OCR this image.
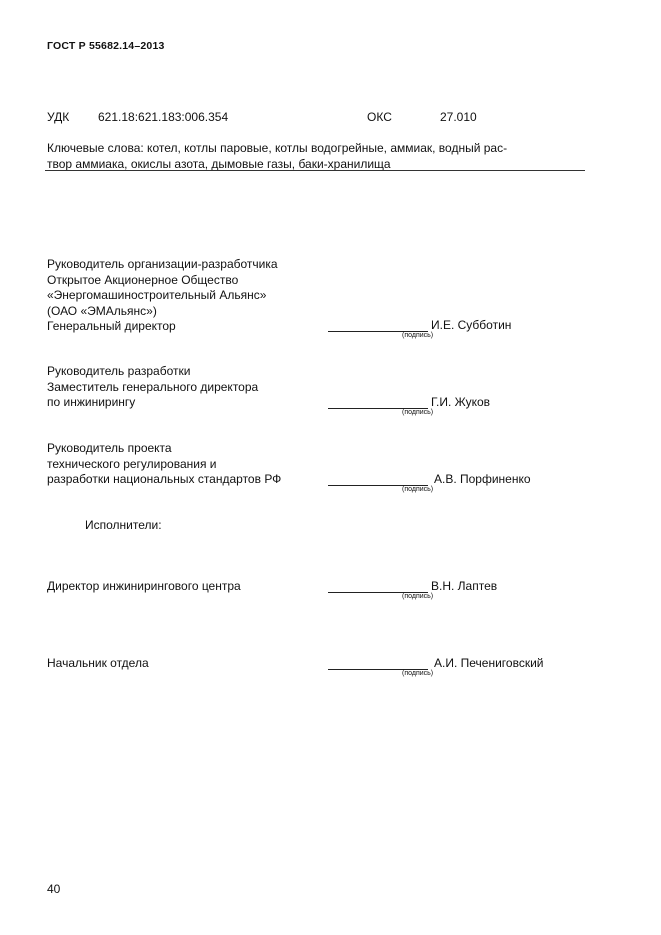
ГОСТ Р 55682.14–2013
УДК 621.18:621.183:006.354	ОКС	27.010
Ключевые слова: котел, котлы паровые, котлы водогрейные, аммиак, водный рас-
твор аммиака, окислы азота, дымовые газы, баки-хранилища
Руководитель организации-разработчика
Открытое Акционерное Общество
«Энергомашиностроительный Альянс»
(ОАО «ЭМАльянс»)
Генеральный директор	И.Е. Субботин
(подпись)
Руководитель разработки
Заместитель генерального директора
по инжинирингу	Г.И. Жуков
(подпись)
Руководитель проекта
технического регулирования и
разработки национальных стандартов РФ	А.В. Порфиненко
(подпись)
Исполнители:
Директор инжинирингового центра	В.Н. Лаптев
(подпись)
Начальник отдела	А.И. Печениговский
(подпись)
40
